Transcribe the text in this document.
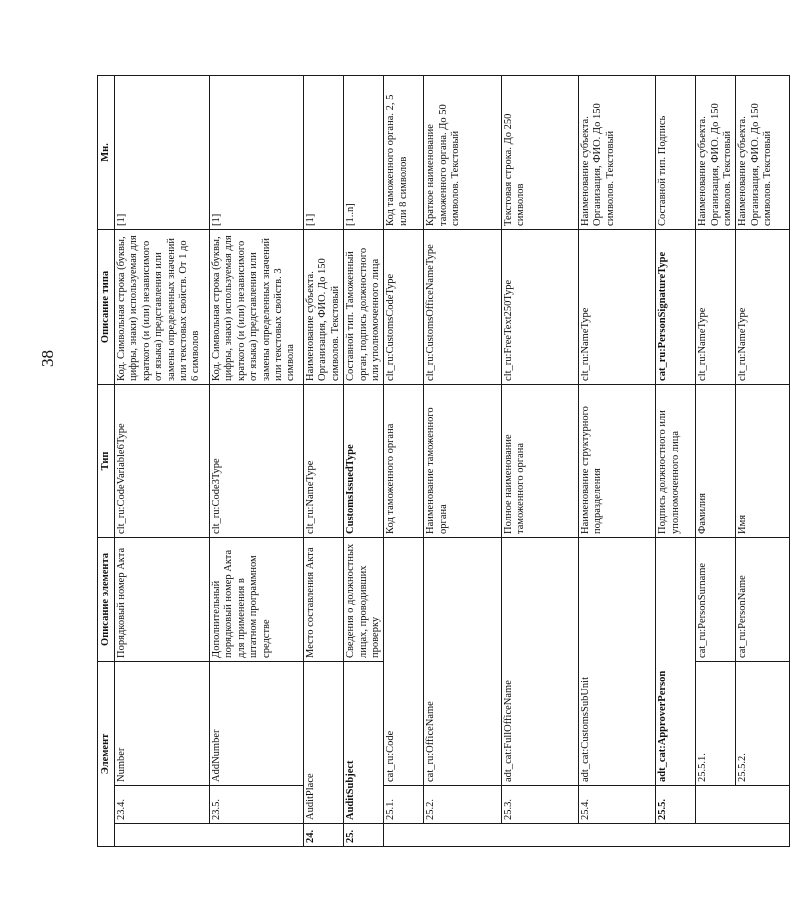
38
Элемент			Описание элемента	Тип	Описание типа	Мн.	
	23.4.	Number	Порядковый номер Акта	clt_ru:CodeVariable6Type	Код. Символьная строка (буквы, цифры, знаки) используемая для краткого (и (или) независимого от языка) представления или замены определенных значений или текстовых свойств. От 1 до 6 символов	[1]	
	23.5.	AddNumber	Дополнительный порядковый номер Акта для применения в штатном программном средстве	clt_ru:Code3Type	Код. Символьная строка (буквы, цифры, знаки) используемая для краткого (и (или) независимого от языка) представления или замены определенных значений или текстовых свойств. 3 символа	[1]	
24.	AuditPlace		Место составления Акта	clt_ru:NameType	Наименование субъекта. Организация, ФИО. До 150 символов. Текстовый	[1]	
25.	AuditSubject		Сведения о должностных лицах, проводивших проверку	CustomsIssuedType	Составной тип. Таможенный орган, подпись должностного или уполномоченного лица	[1..n]	
	25.1.	cat_ru:Code		Код таможенного органа	clt_ru:CustomsCodeType	Код таможенного органа. 2, 5 или 8 символов	
	25.2.	cat_ru:OfficeName		Наименование таможенного органа	clt_ru:CustomsOfficeNameType	Краткое наименование таможенного органа. До 50 символов. Текстовый	
	25.3.	adt_cat:FullOfficeName		Полное наименование таможенного органа	clt_ru:FreeText250Type	Текстовая строка. До 250 символов	
	25.4.	adt_cat:CustomsSubUnit		Наименование структурного подразделения	clt_ru:NameType	Наименование субъекта. Организация, ФИО. До 150 символов. Текстовый	
	25.5.	adt_cat:ApproverPerson		Подпись должностного или уполномоченного лица	cat_ru:PersonSignatureType	Составной тип. Подпись	
		25.5.1.	cat_ru:PersonSurname	Фамилия	clt_ru:NameType	Наименование субъекта. Организация, ФИО. До 150 символов. Текстовый	
		25.5.2.	cat_ru:PersonName	Имя	clt_ru:NameType	Наименование субъекта. Организация, ФИО. До 150 символов. Текстовый	
